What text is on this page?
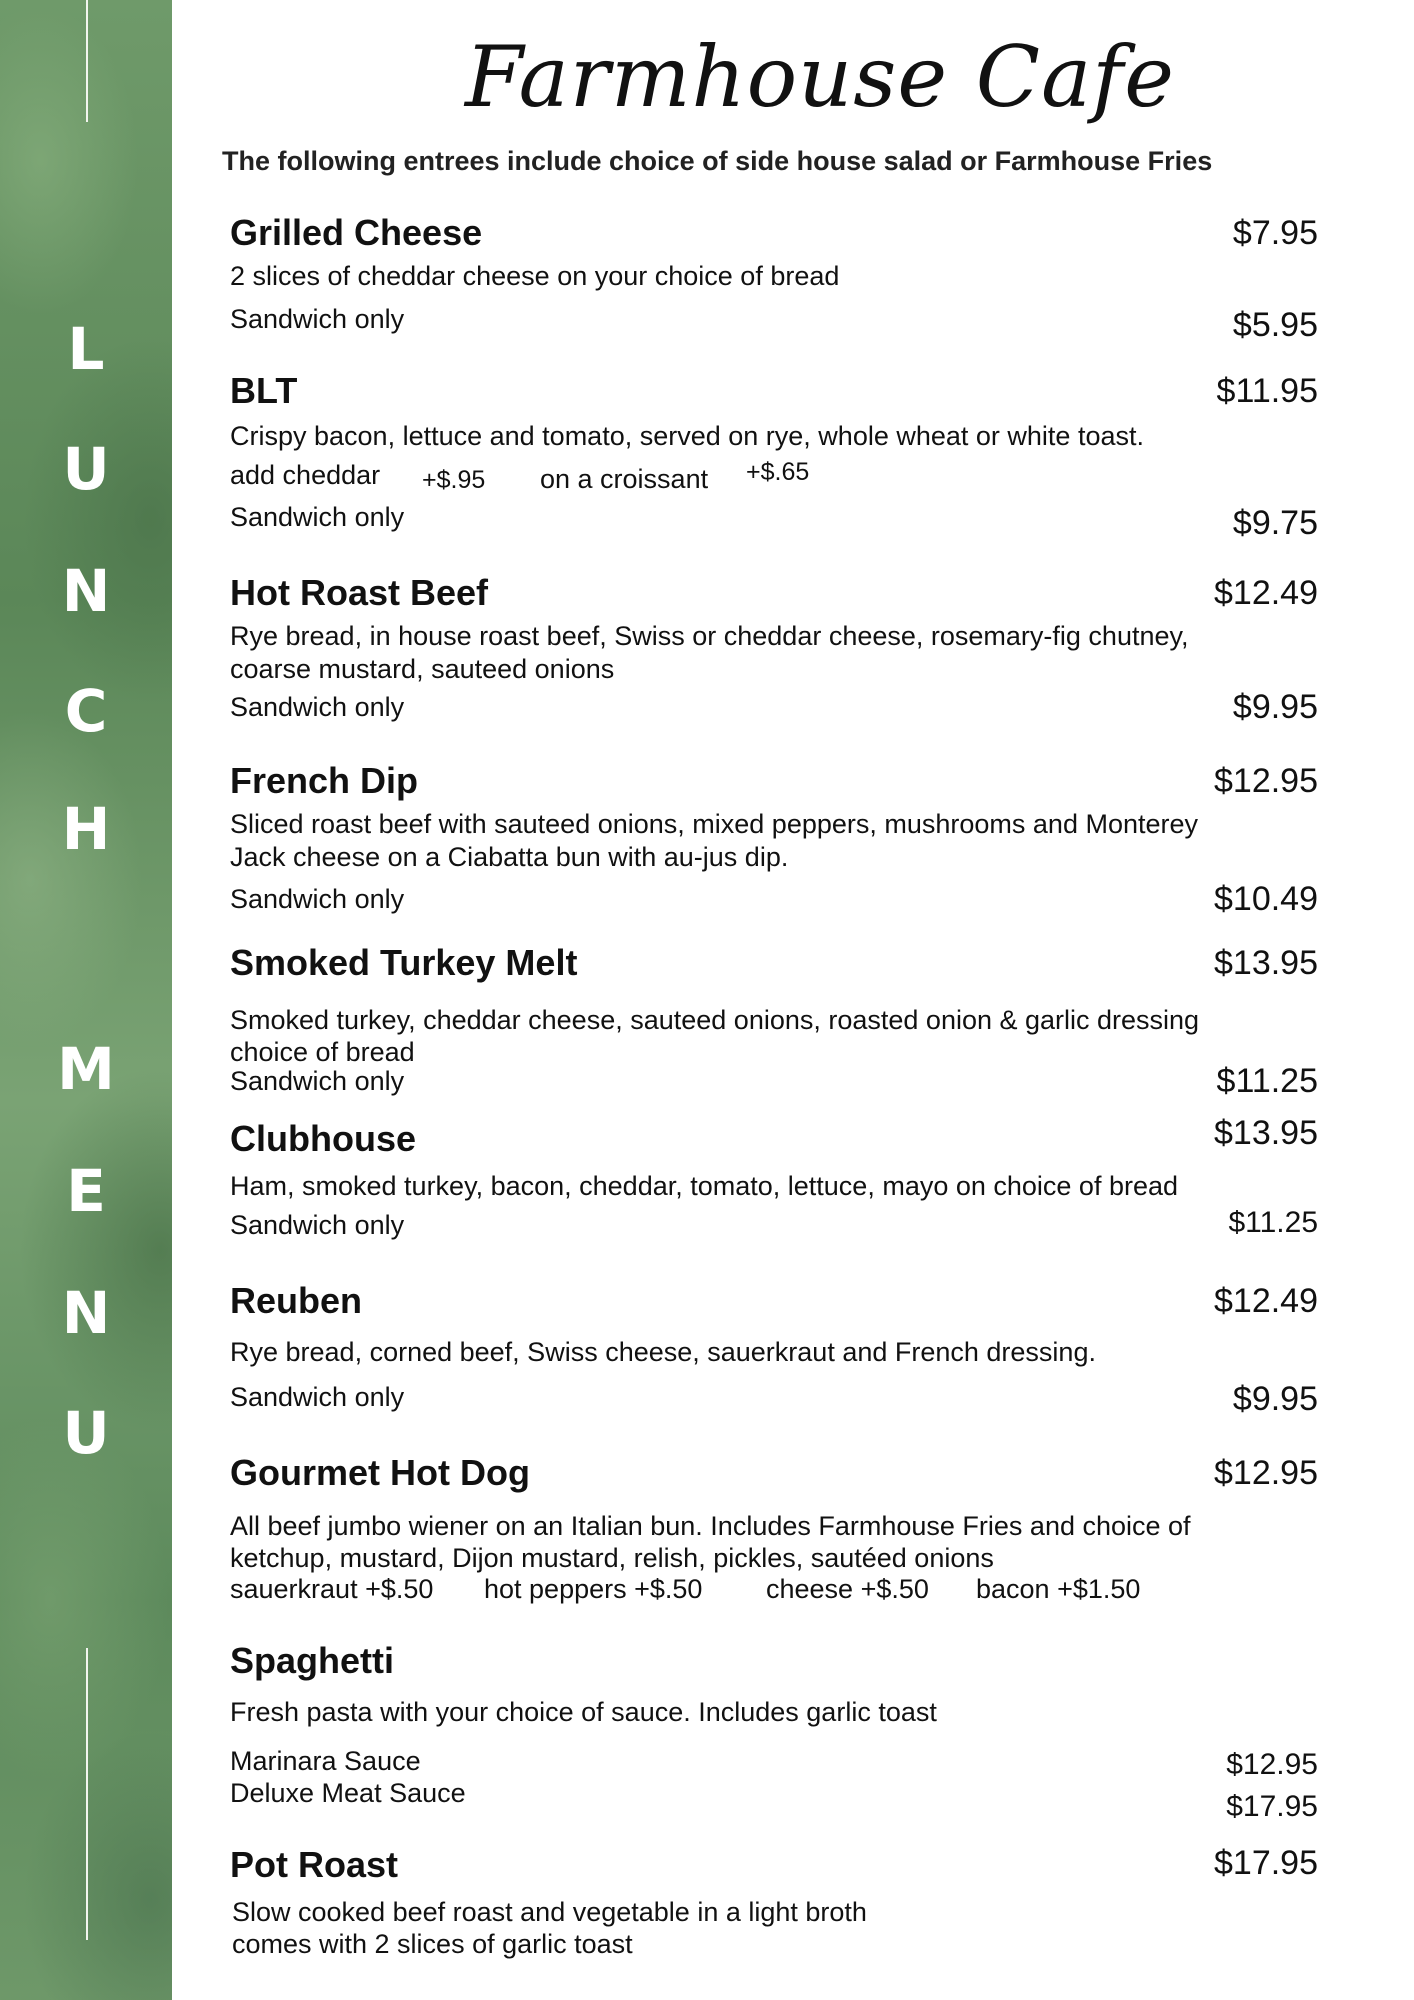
L
U
N
C
H
M
E
N
U
Farmhouse Cafe
The following entrees include choice of side house salad or Farmhouse Fries
Grilled Cheese	$7.95
2 slices of cheddar cheese on your choice of bread
Sandwich only	$5.95
BLT	$11.95
Crispy bacon, lettuce and tomato, served on rye, whole wheat or white toast.
add cheddar +$.95 on a croissant +$.65
Sandwich only	$9.75
Hot Roast Beef	$12.49
Rye bread, in house roast beef, Swiss or cheddar cheese, rosemary-fig chutney,
coarse mustard, sauteed onions
Sandwich only	$9.95
French Dip	$12.95
Sliced roast beef with sauteed onions, mixed peppers, mushrooms and Monterey
Jack cheese on a Ciabatta bun with au-jus dip.
Sandwich only	$10.49
Smoked Turkey Melt	$13.95
Smoked turkey, cheddar cheese, sauteed onions, roasted onion & garlic dressing
choice of bread
Sandwich only	$11.25
Clubhouse	$13.95
Ham, smoked turkey, bacon, cheddar, tomato, lettuce, mayo on choice of bread
Sandwich only	$11.25
Reuben	$12.49
Rye bread, corned beef, Swiss cheese, sauerkraut and French dressing.
Sandwich only	$9.95
Gourmet Hot Dog	$12.95
All beef jumbo wiener on an Italian bun. Includes Farmhouse Fries and choice of
ketchup, mustard, Dijon mustard, relish, pickles, sautéed onions
sauerkraut +$.50 hot peppers +$.50 cheese +$.50 bacon +$1.50
Spaghetti
Fresh pasta with your choice of sauce. Includes garlic toast
Marinara Sauce	$12.95
Deluxe Meat Sauce	$17.95
Pot Roast	$17.95
Slow cooked beef roast and vegetable in a light broth
comes with 2 slices of garlic toast
